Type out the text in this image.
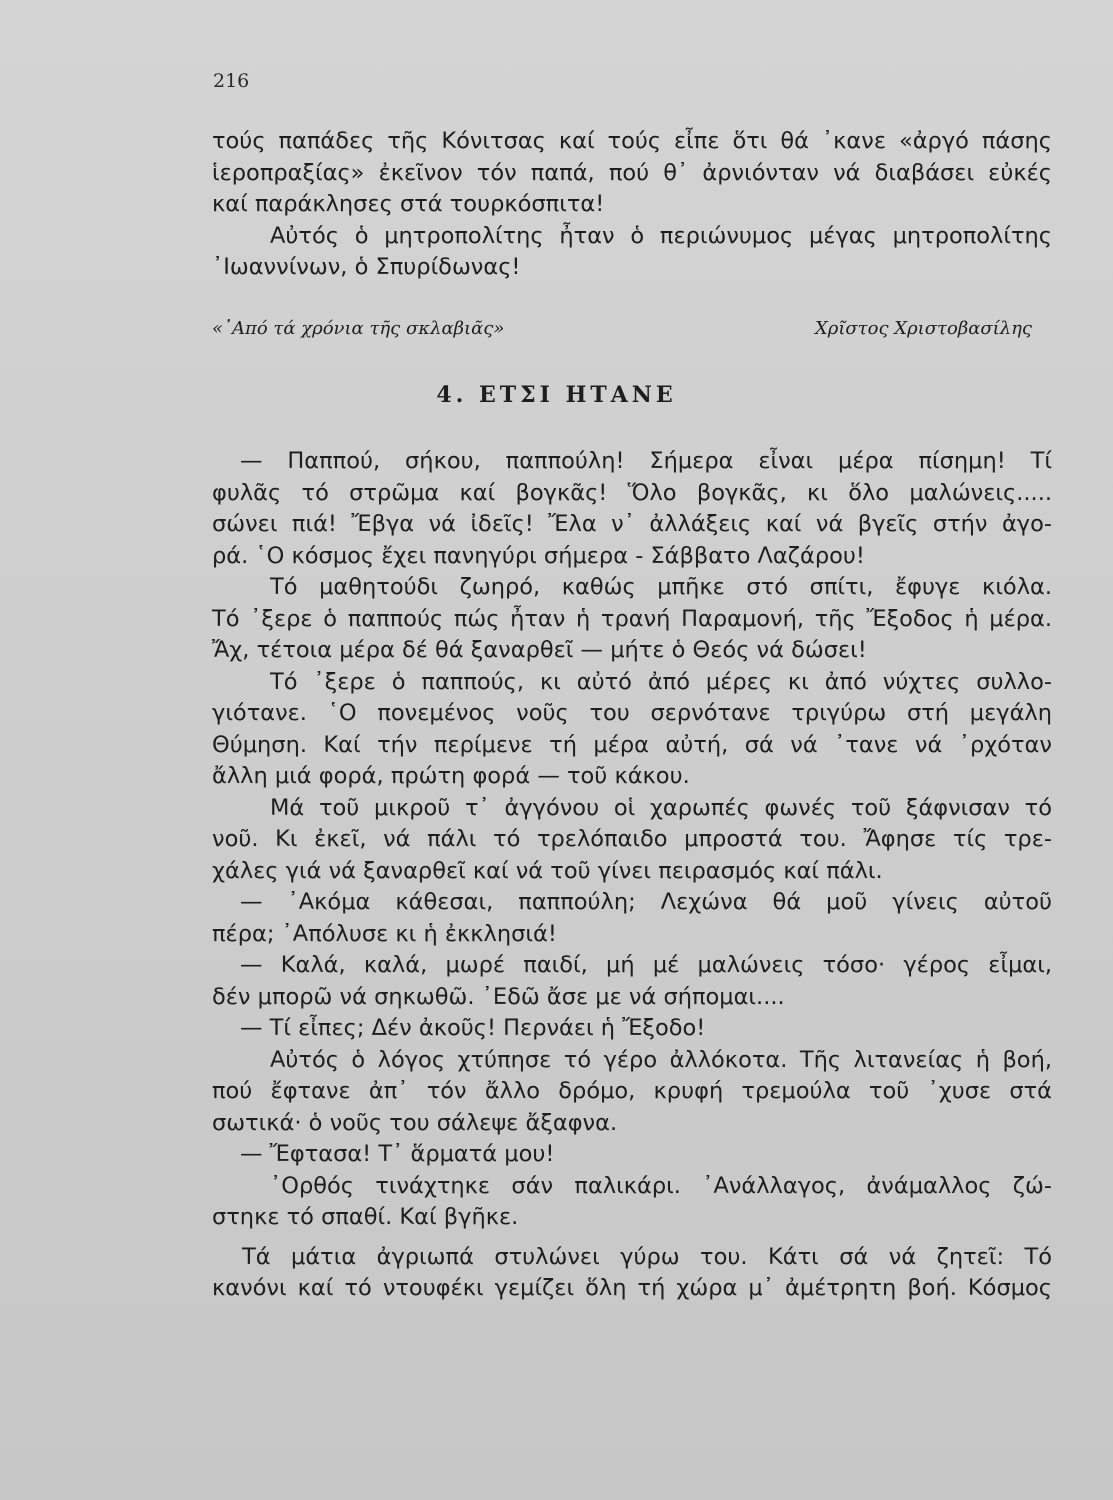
216
τούς παπάδες τῆς Κόνιτσας καί τούς εἶπε ὅτι θά ᾿κανε «ἀργό πάσης
ἱεροπραξίας» ἐκεῖνον τόν παπά, πού θ᾿ ἀρνιόνταν νά διαβάσει εὐκές
καί παράκλησες στά τουρκόσπιτα!
Αὐτός ὁ μητροπολίτης ἦταν ὁ περιώνυμος μέγας μητροπολίτης
᾿Ιωαννίνων, ὁ Σπυρίδωνας!
«᾿Από τά χρόνια τῆς σκλαβιᾶς»	Χρῖστος Χριστοβασίλης
4. ΕΤΣΙ ΗΤΑΝΕ
— Παππού, σήκου, παππούλη! Σήμερα εἶναι μέρα πίσημη! Τί
φυλᾶς τό στρῶμα καί βογκᾶς! Ὅλο βογκᾶς, κι ὅλο μαλώνεις.....
σώνει πιά! Ἔβγα νά ἰδεῖς! Ἔλα ν᾿ ἀλλάξεις καί νά βγεῖς στήν ἀγο-
ρά. ῾Ο κόσμος ἔχει πανηγύρι σήμερα - Σάββατο Λαζάρου!
Τό μαθητούδι ζωηρό, καθώς μπῆκε στό σπίτι, ἔφυγε κιόλα.
Τό ᾿ξερε ὁ παππούς πώς ἦταν ἡ τρανή Παραμονή, τῆς Ἔξοδος ἡ μέρα.
Ἄχ, τέτοια μέρα δέ θά ξαναρθεῖ — μήτε ὁ Θεός νά δώσει!
Τό ᾿ξερε ὁ παππούς, κι αὐτό ἀπό μέρες κι ἀπό νύχτες συλλο-
γιότανε. ῾Ο πονεμένος νοῦς του σερνότανε τριγύρω στή μεγάλη
Θύμηση. Καί τήν περίμενε τή μέρα αὐτή, σά νά ᾿τανε νά ᾿ρχόταν
ἄλλη μιά φορά, πρώτη φορά — τοῦ κάκου.
Μά τοῦ μικροῦ τ᾿ ἀγγόνου οἱ χαρωπές φωνές τοῦ ξάφνισαν τό
νοῦ. Κι ἐκεῖ, νά πάλι τό τρελόπαιδο μπροστά του. Ἄφησε τίς τρε-
χάλες γιά νά ξαναρθεῖ καί νά τοῦ γίνει πειρασμός καί πάλι.
— ᾿Ακόμα κάθεσαι, παππούλη; Λεχώνα θά μοῦ γίνεις αὐτοῦ
πέρα; ᾿Απόλυσε κι ἡ ἐκκλησιά!
— Καλά, καλά, μωρέ παιδί, μή μέ μαλώνεις τόσο· γέρος εἶμαι,
δέν μπορῶ νά σηκωθῶ. ᾿Εδῶ ἄσε με νά σήπομαι....
— Τί εἶπες; Δέν ἀκοῦς! Περνάει ἡ Ἔξοδο!
Αὐτός ὁ λόγος χτύπησε τό γέρο ἀλλόκοτα. Τῆς λιτανείας ἡ βοή,
πού ἔφτανε ἀπ᾿ τόν ἄλλο δρόμο, κρυφή τρεμούλα τοῦ ᾿χυσε στά
σωτικά· ὁ νοῦς του σάλεψε ἄξαφνα.
— Ἔφτασα! Τ᾿ ἅρματά μου!
᾿Ορθός τινάχτηκε σάν παλικάρι. ᾿Ανάλλαγος, ἀνάμαλλος ζώ-
στηκε τό σπαθί. Καί βγῆκε.
Τά μάτια ἀγριωπά στυλώνει γύρω του. Κάτι σά νά ζητεῖ: Τό
κανόνι καί τό ντουφέκι γεμίζει ὅλη τή χώρα μ᾿ ἀμέτρητη βοή. Κόσμος
